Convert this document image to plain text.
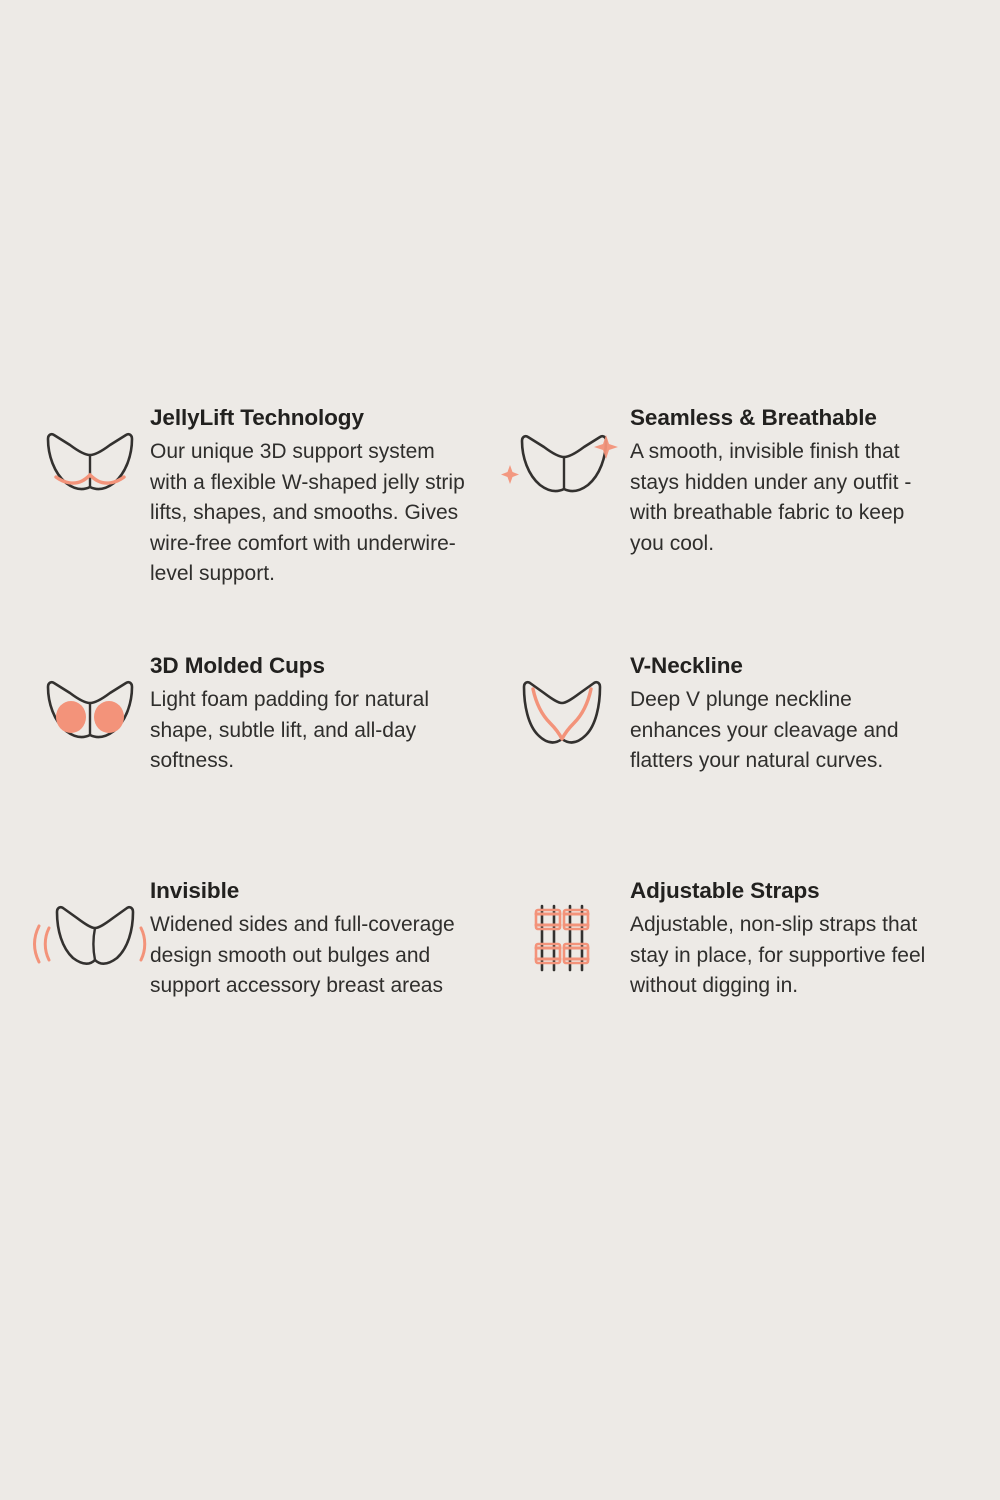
JellyLift Technology

Our unique 3D support system with a flexible W-shaped jelly strip lifts, shapes, and smooths. Gives wire-free comfort with underwire-level support.

Seamless & Breathable

A smooth, invisible finish that stays hidden under any outfit - with breathable fabric to keep you cool.

3D Molded Cups

Light foam padding for natural shape, subtle lift, and all-day softness.

V-Neckline

Deep V plunge neckline enhances your cleavage and flatters your natural curves.

Invisible

Widened sides and full-coverage design smooth out bulges and support accessory breast areas

Adjustable Straps

Adjustable, non-slip straps that stay in place, for supportive feel without digging in.
